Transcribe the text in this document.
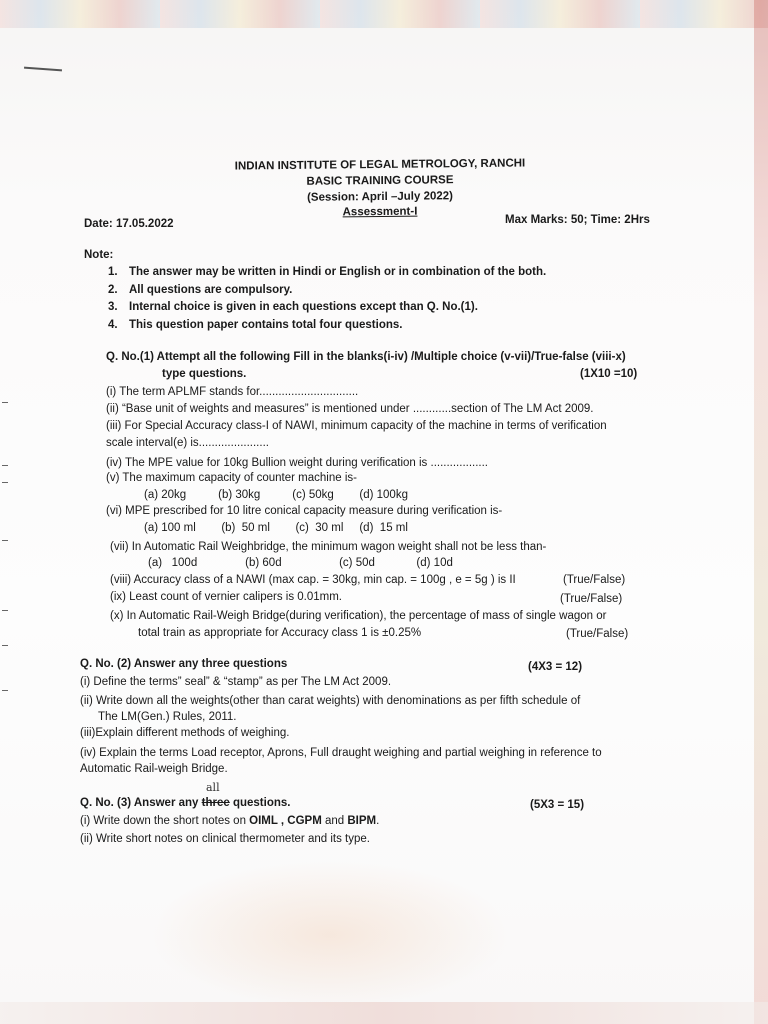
INDIAN INSTITUTE OF LEGAL METROLOGY, RANCHI
BASIC TRAINING COURSE
(Session: April –July 2022)
Assessment-I
Date: 17.05.2022	Max Marks: 50; Time: 2Hrs
Note:
1. The answer may be written in Hindi or English or in combination of the both.
2. All questions are compulsory.
3. Internal choice is given in each questions except than Q. No.(1).
4. This question paper contains total four questions.
Q. No.(1) Attempt all the following Fill in the blanks(i-iv) /Multiple choice (v-vii)/True-false (viii-x)
type questions.	(1X10 =10)
(i) The term APLMF stands for...............................
(ii) “Base unit of weights and measures” is mentioned under ............section of The LM Act 2009.
(iii) For Special Accuracy class-I of NAWI, minimum capacity of the machine in terms of verification
scale interval(e) is......................
(iv) The MPE value for 10kg Bullion weight during verification is ..................
(v) The maximum capacity of counter machine is-
(a) 20kg          (b) 30kg          (c) 50kg        (d) 100kg
(vi) MPE prescribed for 10 litre conical capacity measure during verification is-
(a) 100 ml        (b)  50 ml        (c)  30 ml     (d)  15 ml
(vii) In Automatic Rail Weighbridge, the minimum wagon weight shall not be less than-
(a)   100d               (b) 60d                  (c) 50d             (d) 10d
(viii) Accuracy class of a NAWI (max cap. = 30kg, min cap. = 100g , e = 5g ) is II	(True/False)
(ix) Least count of vernier calipers is 0.01mm.	(True/False)
(x) In Automatic Rail-Weigh Bridge(during verification), the percentage of mass of single wagon or
total train as appropriate for Accuracy class 1 is ±0.25%	(True/False)
Q. No. (2) Answer any three questions	(4X3 = 12)
(i) Define the terms” seal” & “stamp” as per The LM Act 2009.
(ii) Write down all the weights(other than carat weights) with denominations as per fifth schedule of
The LM(Gen.) Rules, 2011.
(iii)Explain different methods of weighing.
(iv) Explain the terms Load receptor, Aprons, Full draught weighing and partial weighing in reference to
Automatic Rail-weigh Bridge.
Q. No. (3) Answer any three questions.
all
(5X3 = 15)
(i) Write down the short notes on OIML , CGPM and BIPM.
(ii) Write short notes on clinical thermometer and its type.
